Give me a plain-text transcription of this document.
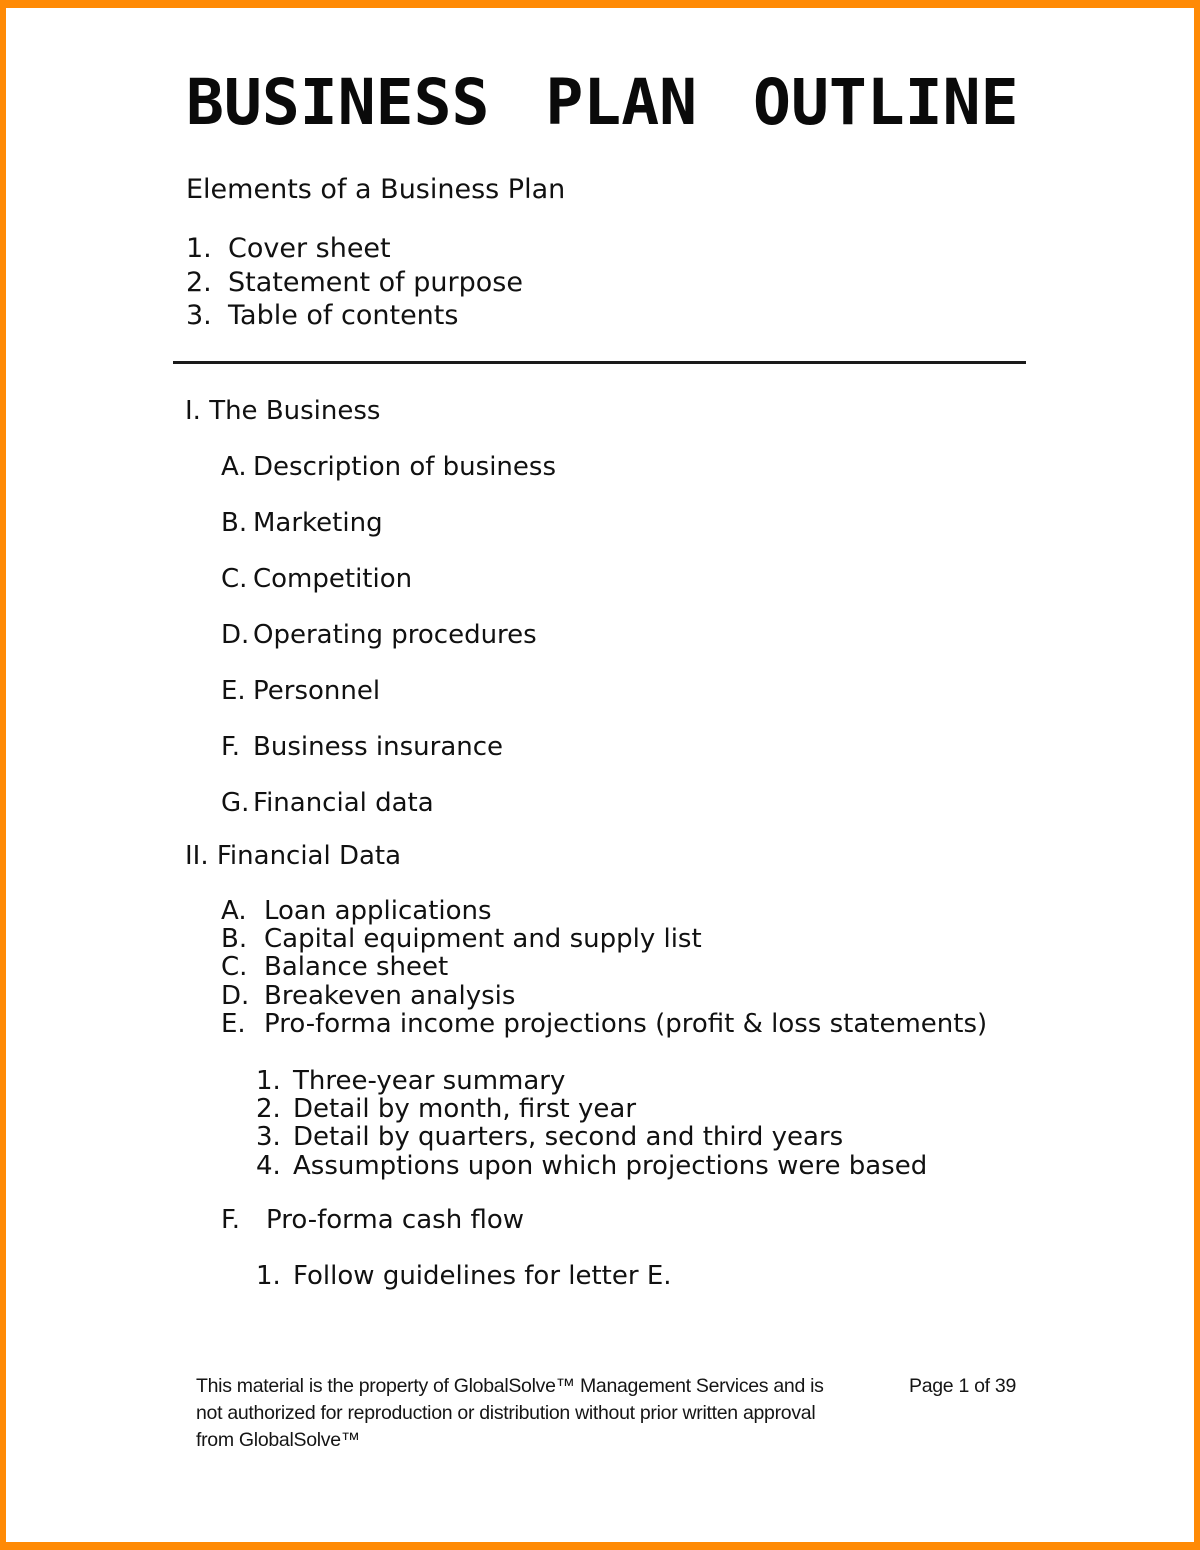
BUSINESS PLAN OUTLINE
Elements of a Business Plan
1. Cover sheet
2. Statement of purpose
3. Table of contents
I. The Business
A. Description of business
B. Marketing
C. Competition
D. Operating procedures
E. Personnel
F. Business insurance
G. Financial data
II. Financial Data
A. Loan applications
B. Capital equipment and supply list
C. Balance sheet
D. Breakeven analysis
E. Pro-forma income projections (profit & loss statements)
1. Three-year summary
2. Detail by month, first year
3. Detail by quarters, second and third years
4. Assumptions upon which projections were based
F. Pro-forma cash flow
1. Follow guidelines for letter E.
This material is the property of GlobalSolve™ Management Services and is
not authorized for reproduction or distribution without prior written approval
from GlobalSolve™
Page 1 of 39
